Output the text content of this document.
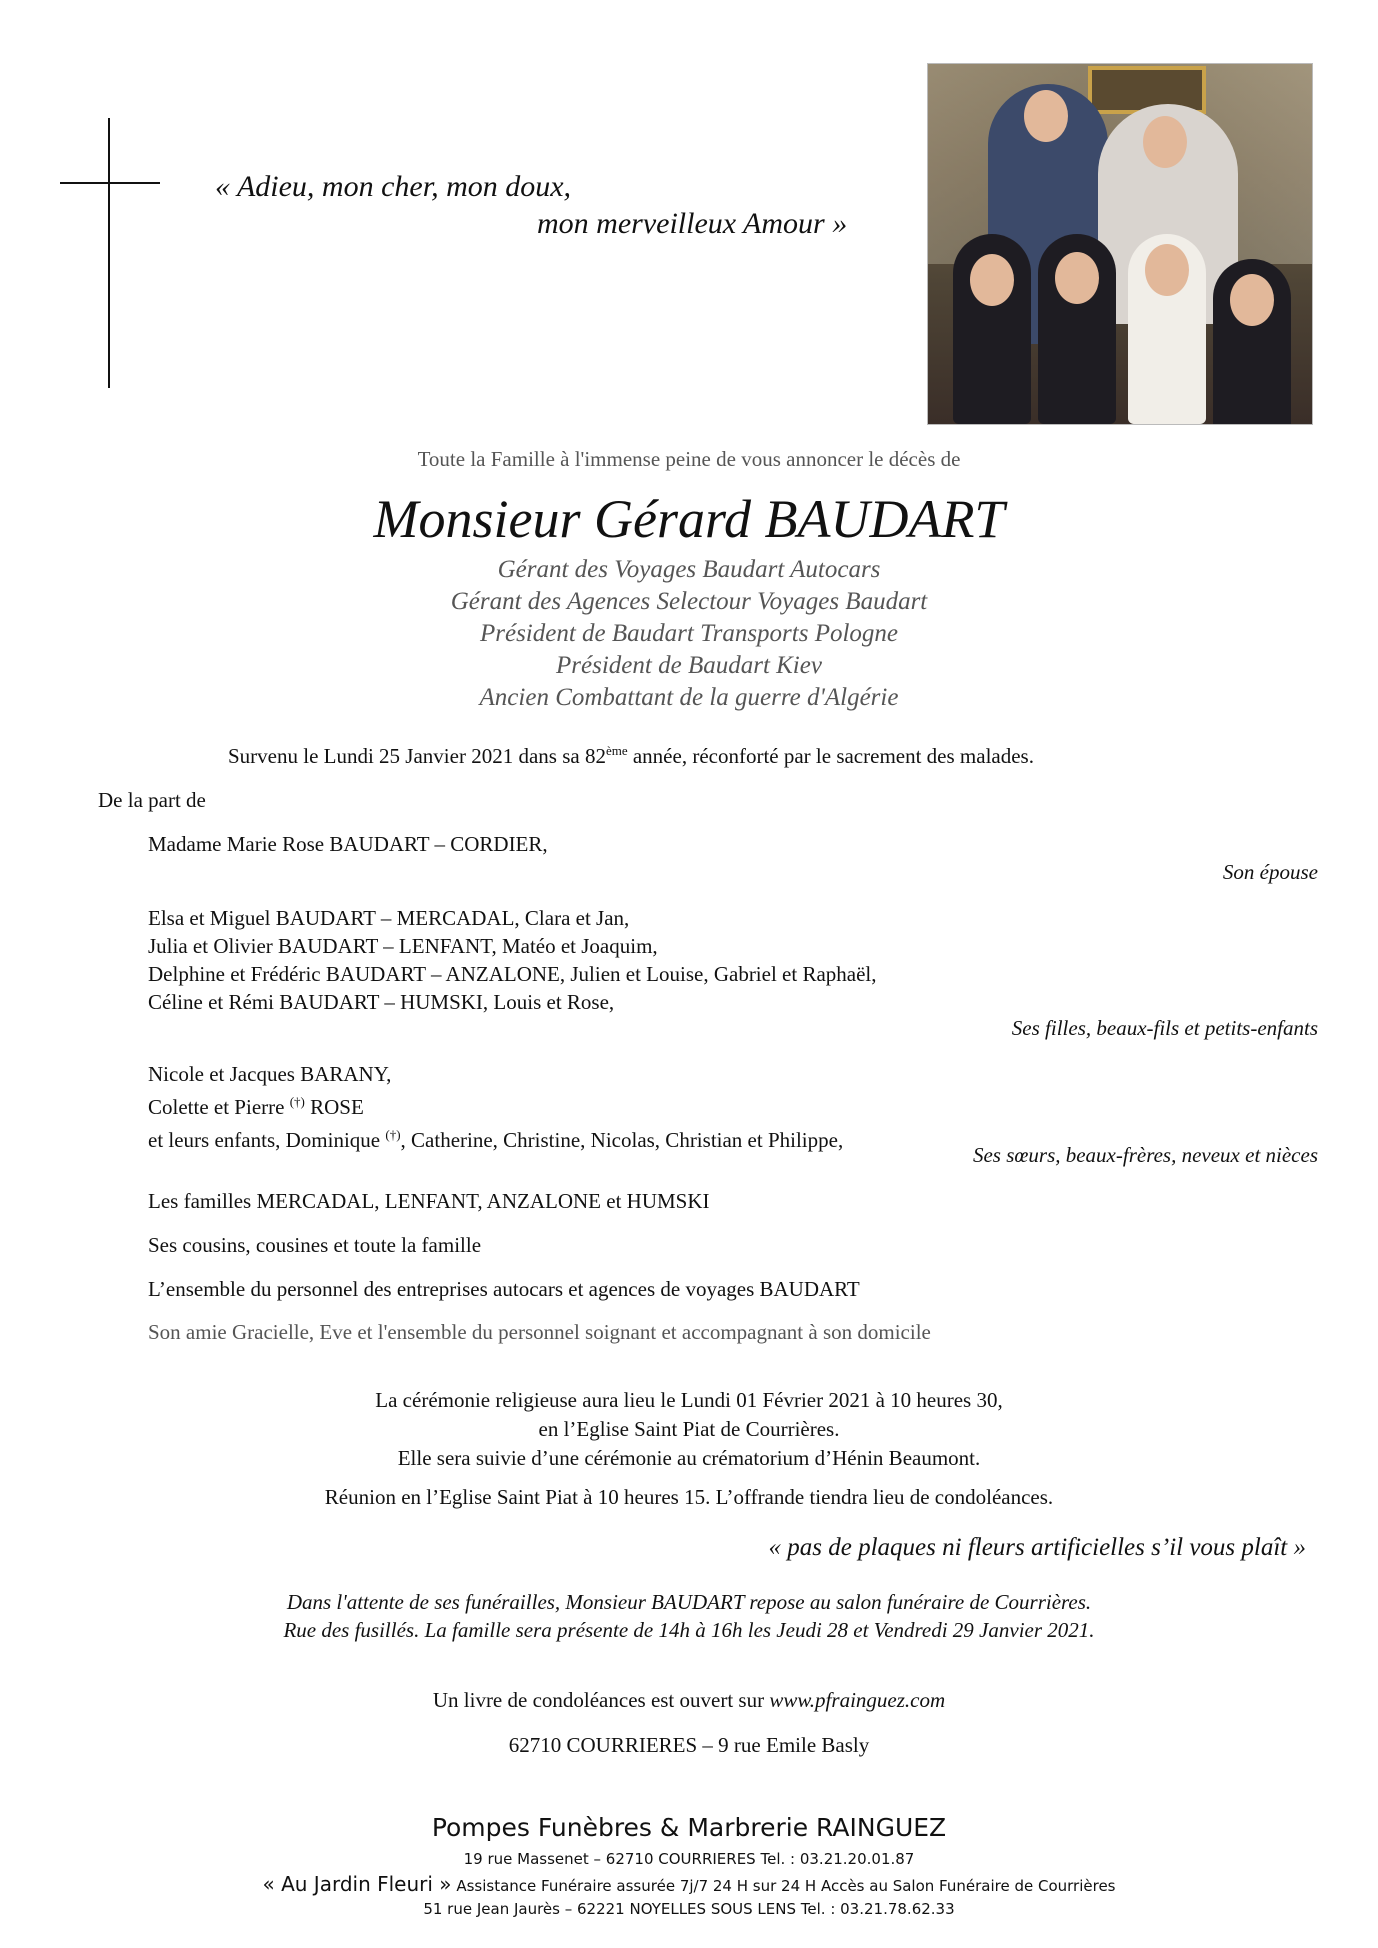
« Adieu, mon cher, mon doux,
mon merveilleux Amour »
Toute la Famille à l'immense peine de vous annoncer le décès de
Monsieur Gérard BAUDART
Gérant des Voyages Baudart Autocars
Gérant des Agences Selectour Voyages Baudart
Président de Baudart Transports Pologne
Président de Baudart Kiev
Ancien Combattant de la guerre d'Algérie
Survenu le Lundi 25 Janvier 2021 dans sa 82ème année, réconforté par le sacrement des malades.
De la part de
Madame Marie Rose BAUDART – CORDIER,
Son épouse
Elsa et Miguel BAUDART – MERCADAL, Clara et Jan,
Julia et Olivier BAUDART – LENFANT, Matéo et Joaquim,
Delphine et Frédéric BAUDART – ANZALONE, Julien et Louise, Gabriel et Raphaël,
Céline et Rémi BAUDART – HUMSKI, Louis et Rose,
Ses filles, beaux-fils et petits-enfants
Nicole et Jacques BARANY,
Colette et Pierre (†) ROSE
et leurs enfants, Dominique (†), Catherine, Christine, Nicolas, Christian et Philippe,
Ses sœurs, beaux-frères, neveux et nièces
Les familles MERCADAL, LENFANT, ANZALONE et HUMSKI
Ses cousins, cousines et toute la famille
L’ensemble du personnel des entreprises autocars et agences de voyages BAUDART
Son amie Gracielle, Eve et l'ensemble du personnel soignant et accompagnant à son domicile
La cérémonie religieuse aura lieu le Lundi 01 Février 2021 à 10 heures 30,
en l’Eglise Saint Piat de Courrières.
Elle sera suivie d’une cérémonie au crématorium d’Hénin Beaumont.
Réunion en l’Eglise Saint Piat à 10 heures 15. L’offrande tiendra lieu de condoléances.
« pas de plaques ni fleurs artificielles s’il vous plaît »
Dans l'attente de ses funérailles, Monsieur BAUDART repose au salon funéraire de Courrières.
Rue des fusillés. La famille sera présente de 14h à 16h les Jeudi 28 et Vendredi 29 Janvier 2021.
Un livre de condoléances est ouvert sur www.pfrainguez.com
62710 COURRIERES – 9 rue Emile Basly
Pompes Funèbres & Marbrerie RAINGUEZ
19 rue Massenet – 62710 COURRIERES Tel. : 03.21.20.01.87
« Au Jardin Fleuri » Assistance Funéraire assurée 7j/7 24 H sur 24 H Accès au Salon Funéraire de Courrières
51 rue Jean Jaurès – 62221 NOYELLES SOUS LENS Tel. : 03.21.78.62.33
